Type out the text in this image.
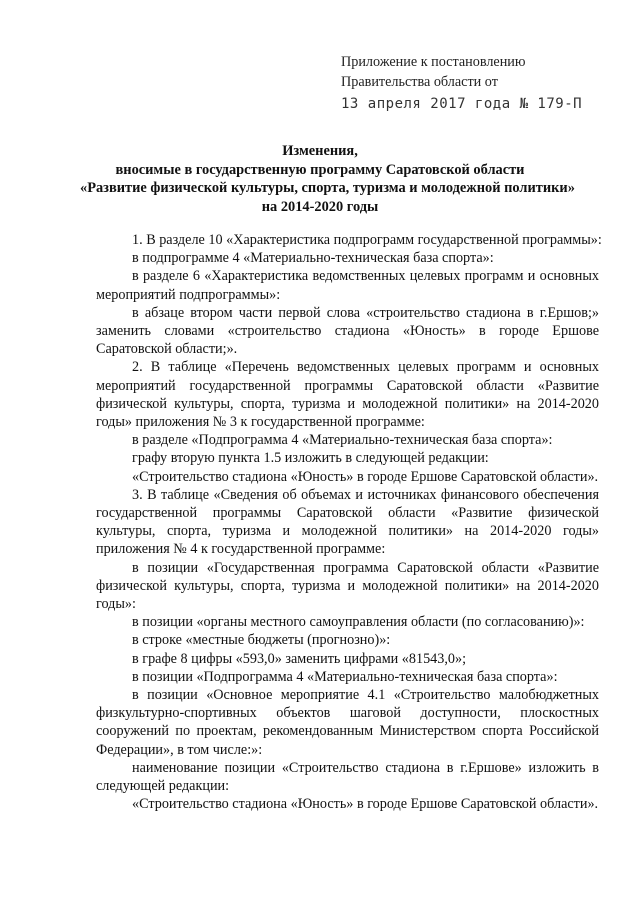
Приложение к постановлению
Правительства области от
13 апреля 2017 года № 179-П
Изменения,
вносимые в государственную программу Саратовской области
«Развитие физической культуры, спорта, туризма и молодежной политики»
на 2014-2020 годы

1. В разделе 10 «Характеристика подпрограмм государственной программы»:

в подпрограмме 4 «Материально-техническая база спорта»:

в разделе 6 «Характеристика ведомственных целевых программ и основных мероприятий подпрограммы»:

в абзаце втором части первой слова «строительство стадиона в г.Ершов;» заменить словами «строительство стадиона «Юность» в городе Ершове Саратовской области;».

2. В таблице «Перечень ведомственных целевых программ и основных мероприятий государственной программы Саратовской области «Развитие физической культуры, спорта, туризма и молодежной политики» на 2014-2020 годы» приложения № 3 к государственной программе:

в разделе «Подпрограмма 4 «Материально-техническая база спорта»:

графу вторую пункта 1.5 изложить в следующей редакции:

«Строительство стадиона «Юность» в городе Ершове Саратовской области».

3. В таблице «Сведения об объемах и источниках финансового обеспечения государственной программы Саратовской области «Развитие физической культуры, спорта, туризма и молодежной политики» на 2014-2020 годы» приложения № 4 к государственной программе:

в позиции «Государственная программа Саратовской области «Развитие физической культуры, спорта, туризма и молодежной политики» на 2014-2020 годы»:

в позиции «органы местного самоуправления области (по согласованию)»:

в строке «местные бюджеты (прогнозно)»:

в графе 8 цифры «593,0» заменить цифрами «81543,0»;

в позиции «Подпрограмма 4 «Материально-техническая база спорта»:

в позиции «Основное мероприятие 4.1 «Строительство малобюджетных физкультурно-спортивных объектов шаговой доступности, плоскостных сооружений по проектам, рекомендованным Министерством спорта Российской Федерации», в том числе:»:

наименование позиции «Строительство стадиона в г.Ершове» изложить в следующей редакции:

«Строительство стадиона «Юность» в городе Ершове Саратовской области».
